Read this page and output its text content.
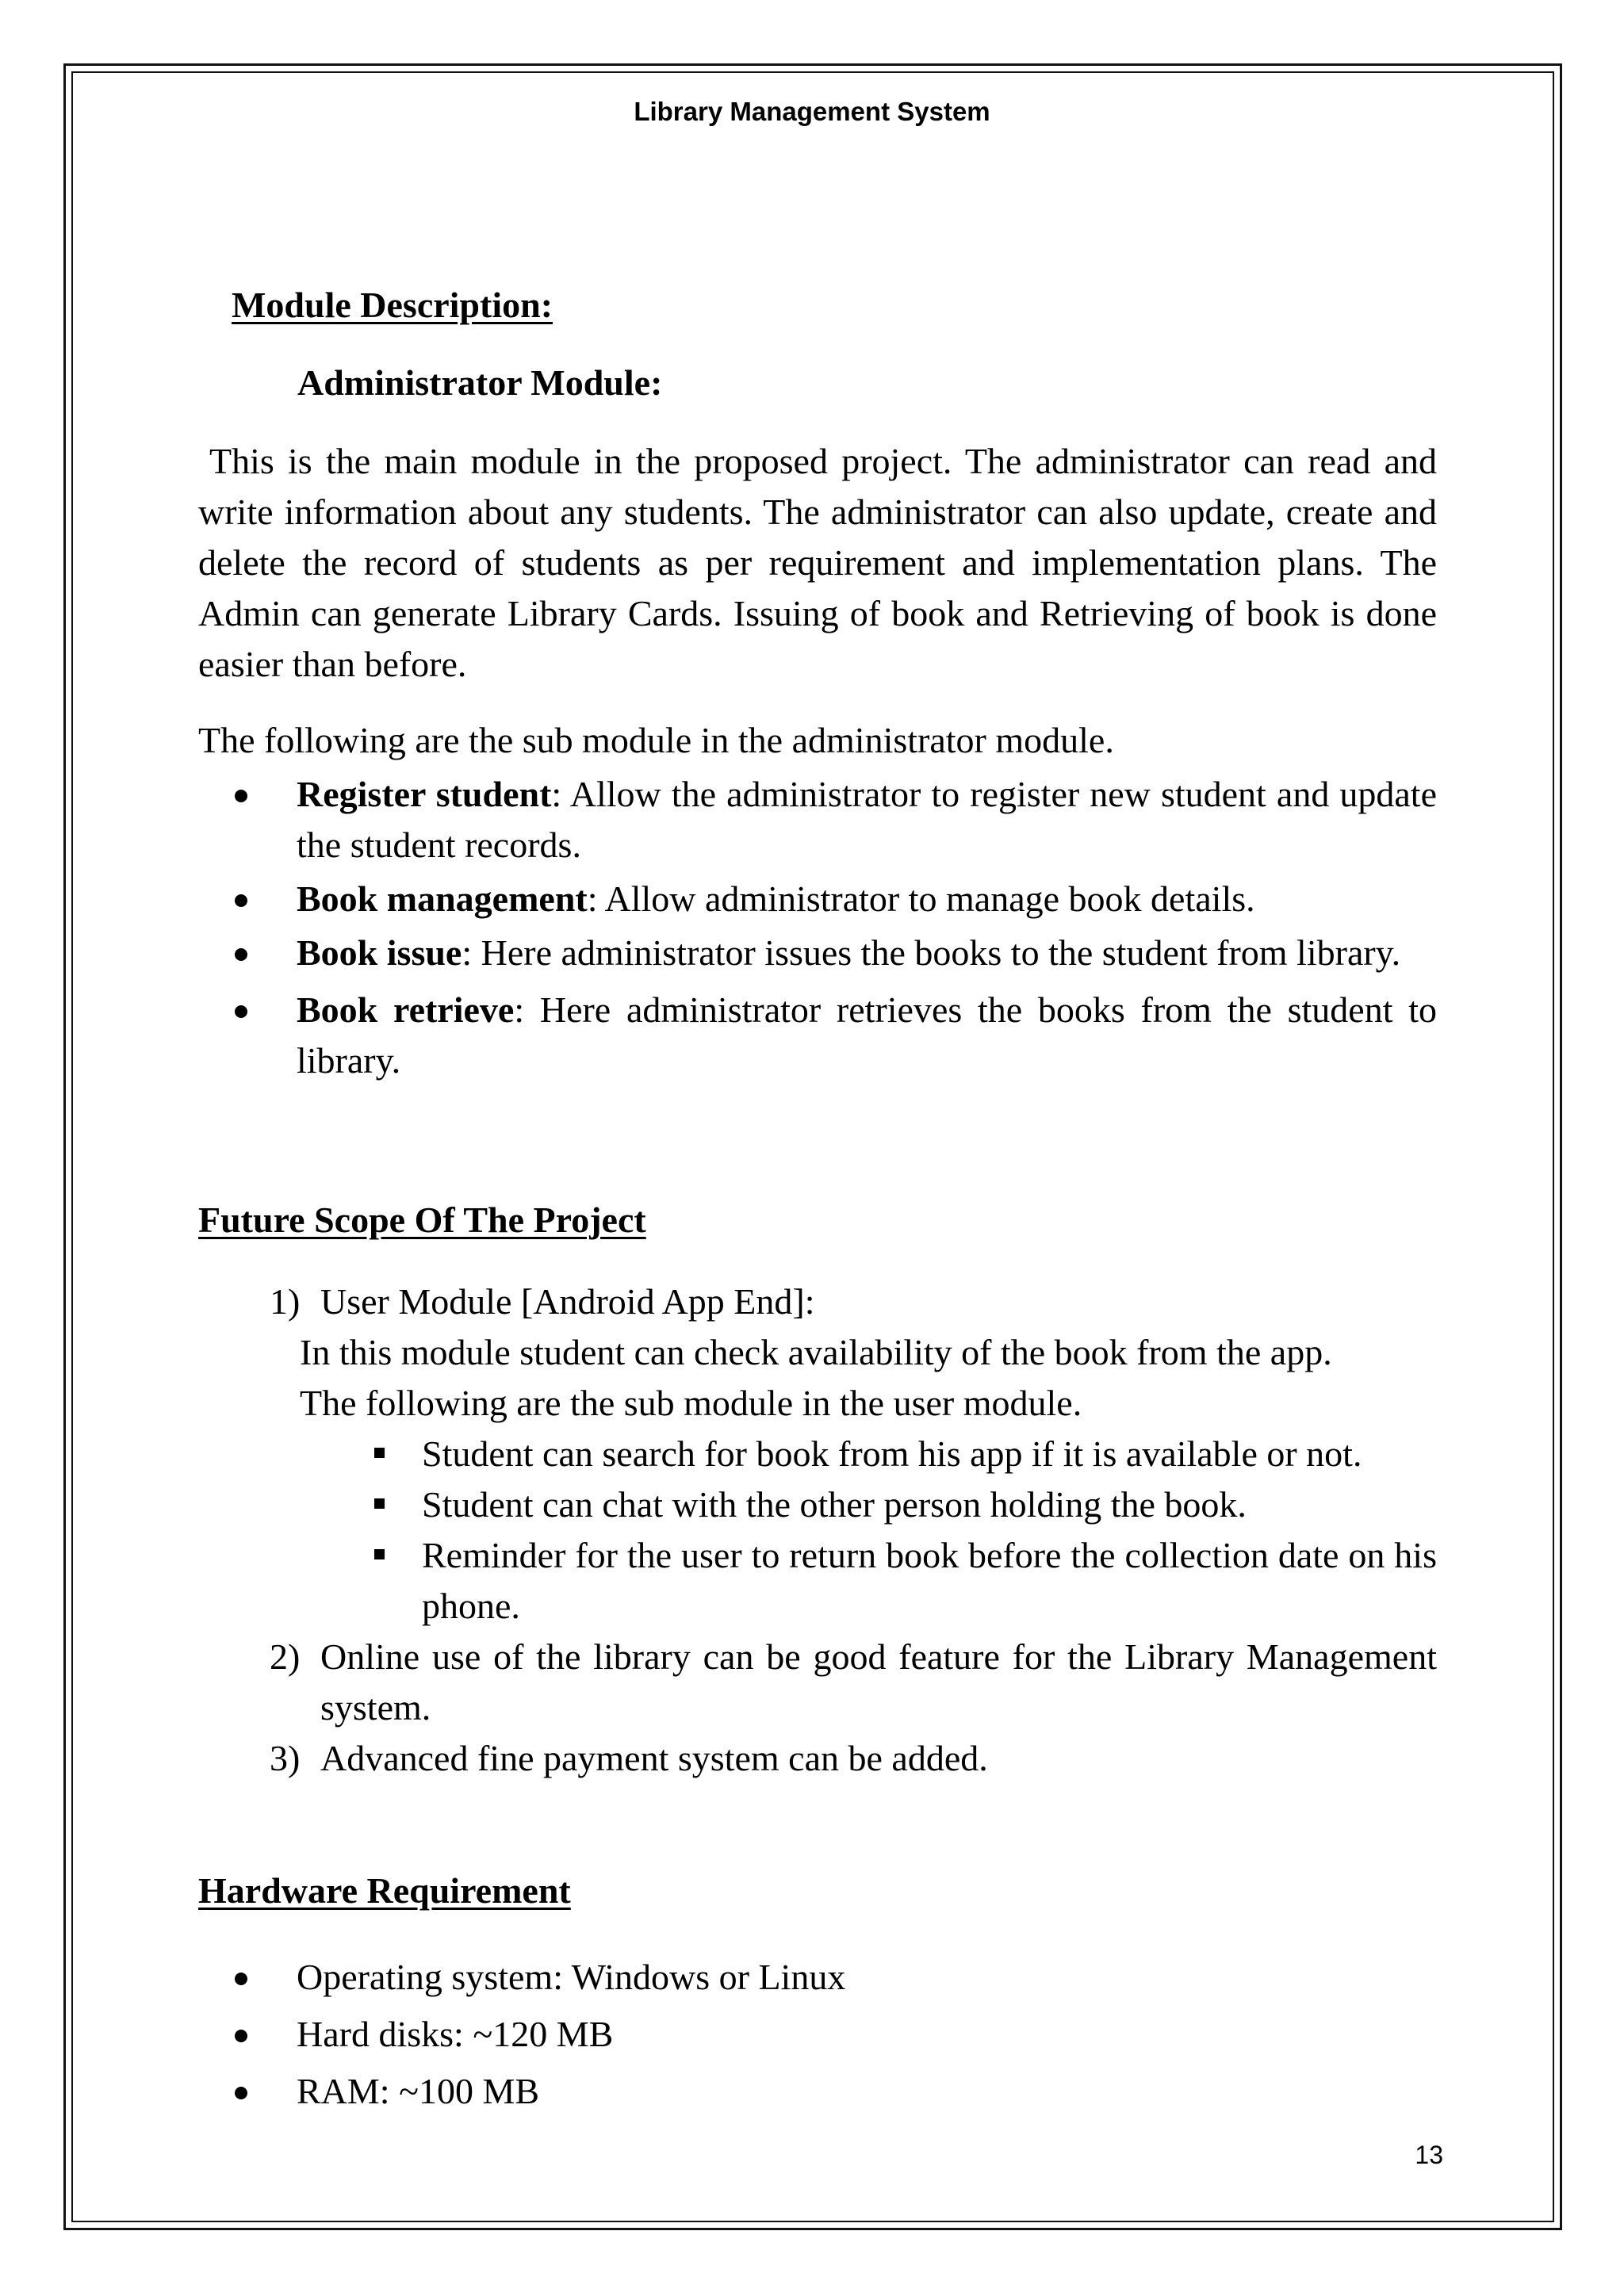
Library Management System
Module Description:
Administrator Module:
This is the main module in the proposed project. The administrator can read and write information about any students. The administrator can also update, create and delete the record of students as per requirement and implementation plans. The Admin can generate Library Cards. Issuing of book and Retrieving of book is done easier than before.
The following are the sub module in the administrator module.
Register student: Allow the administrator to register new student and update the student records.
Book management: Allow administrator to manage book details.
Book issue: Here administrator issues the books to the student from library.
Book retrieve: Here administrator retrieves the books from the student to library.
Future Scope Of The Project
1) User Module [Android App End]:
In this module student can check availability of the book from the app.
The following are the sub module in the user module.
Student can search for book from his app if it is available or not.
Student can chat with the other person holding the book.
Reminder for the user to return book before the collection date on his phone.
2) Online use of the library can be good feature for the Library Management system.
3) Advanced fine payment system can be added.
Hardware Requirement
Operating system: Windows or Linux
Hard disks: ~120 MB
RAM: ~100 MB
13
